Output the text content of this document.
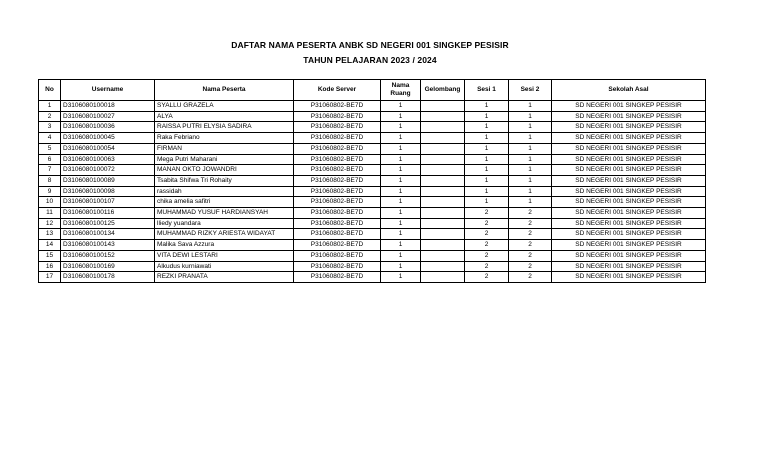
DAFTAR NAMA PESERTA ANBK SD NEGERI 001 SINGKEP PESISIR
TAHUN PELAJARAN 2023 / 2024
No	Username	Nama Peserta	Kode Server	Nama Ruang	Gelombang	Sesi 1	Sesi 2	Sekolah Asal
1	D3106080100018	SYALLU GRAZELA	P31060802-BE7D	1		1	1	SD NEGERI 001 SINGKEP PESISIR
2	D3106080100027	ALYA	P31060802-BE7D	1		1	1	SD NEGERI 001 SINGKEP PESISIR
3	D3106080100036	RAISSA PUTRI ELYSIA SADIRA	P31060802-BE7D	1		1	1	SD NEGERI 001 SINGKEP PESISIR
4	D3106080100045	Raka Febriano	P31060802-BE7D	1		1	1	SD NEGERI 001 SINGKEP PESISIR
5	D3106080100054	FIRMAN	P31060802-BE7D	1		1	1	SD NEGERI 001 SINGKEP PESISIR
6	D3106080100063	Mega Putri Maharani	P31060802-BE7D	1		1	1	SD NEGERI 001 SINGKEP PESISIR
7	D3106080100072	MANAN OKTO JOWANDRI	P31060802-BE7D	1		1	1	SD NEGERI 001 SINGKEP PESISIR
8	D3106080100089	Tsabita Shifwa Tri Rohaity	P31060802-BE7D	1		1	1	SD NEGERI 001 SINGKEP PESISIR
9	D3106080100098	rassidah	P31060802-BE7D	1		1	1	SD NEGERI 001 SINGKEP PESISIR
10	D3106080100107	chika amelia safitri	P31060802-BE7D	1		1	1	SD NEGERI 001 SINGKEP PESISIR
11	D3106080100116	MUHAMMAD YUSUF HARDIANSYAH	P31060802-BE7D	1		2	2	SD NEGERI 001 SINGKEP PESISIR
12	D3106080100125	lliedy yuandara	P31060802-BE7D	1		2	2	SD NEGERI 001 SINGKEP PESISIR
13	D3106080100134	MUHAMMAD RIZKY ARIESTA WIDAYAT	P31060802-BE7D	1		2	2	SD NEGERI 001 SINGKEP PESISIR
14	D3106080100143	Malika Sava Azzura	P31060802-BE7D	1		2	2	SD NEGERI 001 SINGKEP PESISIR
15	D3106080100152	VITA DEWI LESTARI	P31060802-BE7D	1		2	2	SD NEGERI 001 SINGKEP PESISIR
16	D3106080100169	Alkudus kurniawati	P31060802-BE7D	1		2	2	SD NEGERI 001 SINGKEP PESISIR
17	D3106080100178	REZKI PRANATA	P31060802-BE7D	1		2	2	SD NEGERI 001 SINGKEP PESISIR
